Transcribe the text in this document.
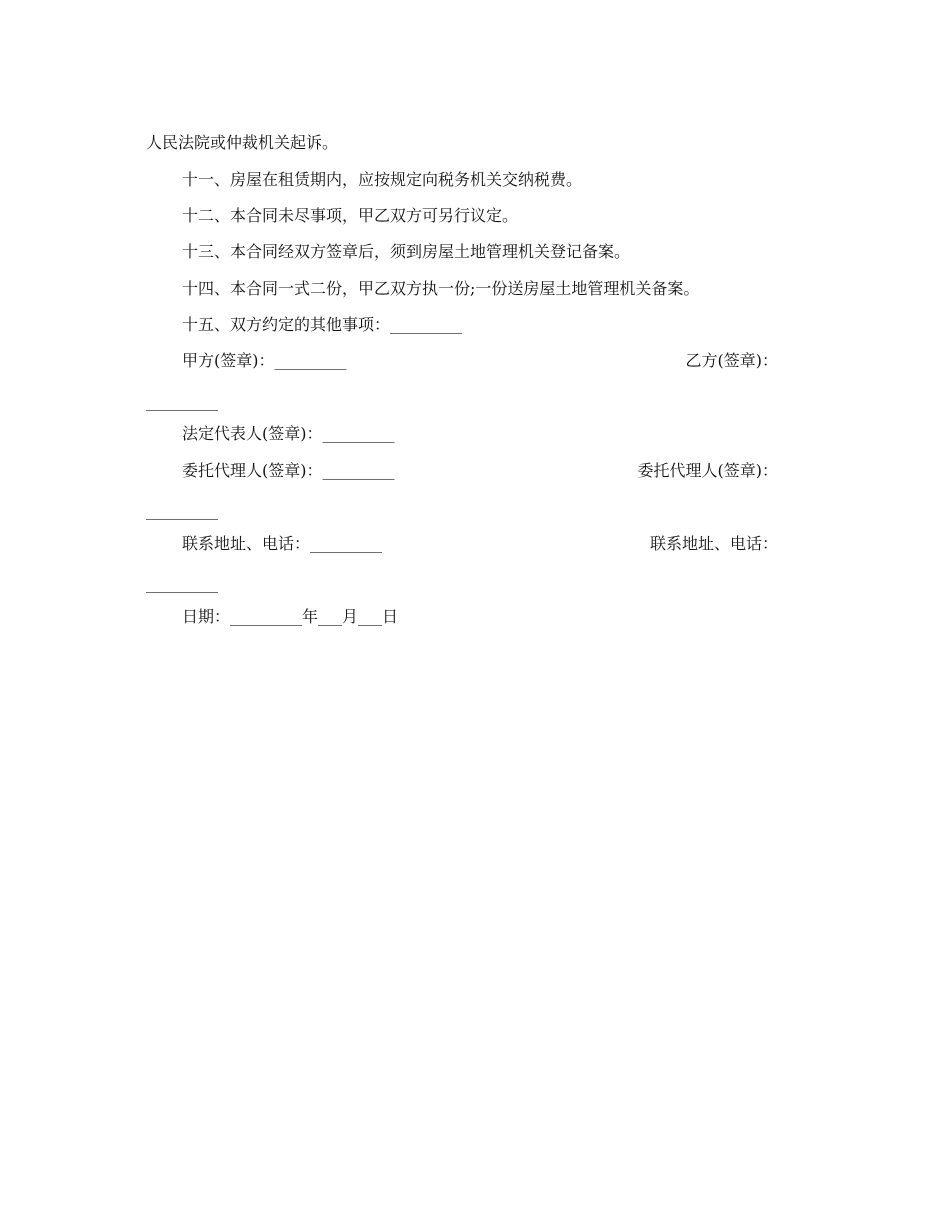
人民法院或仲裁机关起诉。
十一、房屋在租赁期内，应按规定向税务机关交纳税费。
十二、本合同未尽事项，甲乙双方可另行议定。
十三、本合同经双方签章后，须到房屋土地管理机关登记备案。
十四、本合同一式二份，甲乙双方执一份;一份送房屋土地管理机关备案。
十五、双方约定的其他事项：_________
甲方(签章)：_________	乙方(签章)：
_________
法定代表人(签章)：_________
委托代理人(签章)：_________	委托代理人(签章)：
_________
联系地址、电话：_________	联系地址、电话：
_________
日期：_________年___月___日
